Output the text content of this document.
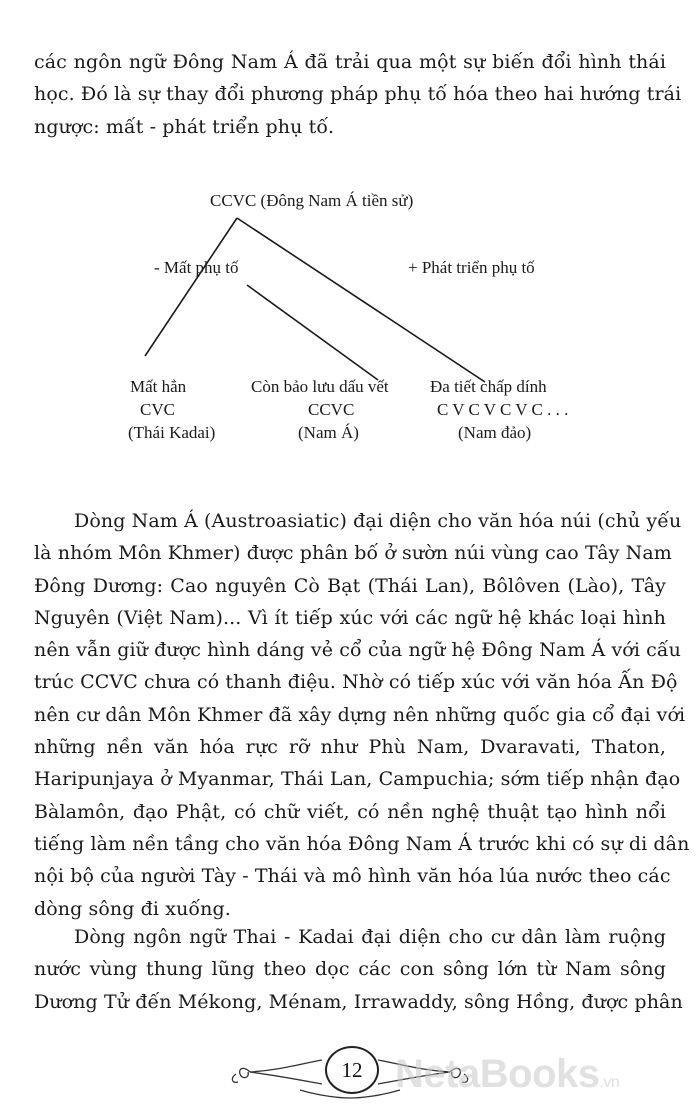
các ngôn ngữ Đông Nam Á đã trải qua một sự biến đổi hình thái
học. Đó là sự thay đổi phương pháp phụ tố hóa theo hai hướng trái
ngược: mất - phát triển phụ tố.

CCVC (Đông Nam Á tiền sử)
- Mất phụ tố	+ Phát triển phụ tố
Mất hẳn
CVC
(Thái Kadai)
Còn bảo lưu dấu vết
CCVC
(Nam Á)
Đa tiết chấp dính
C V C V C V C . . .
(Nam đảo)

Dòng Nam Á (Austroasiatic) đại diện cho văn hóa núi (chủ yếu
là nhóm Môn Khmer) được phân bố ở sườn núi vùng cao Tây Nam
Đông Dương: Cao nguyên Cò Bạt (Thái Lan), Bôlôven (Lào), Tây
Nguyên (Việt Nam)... Vì ít tiếp xúc với các ngữ hệ khác loại hình
nên vẫn giữ được hình dáng vẻ cổ của ngữ hệ Đông Nam Á với cấu
trúc CCVC chưa có thanh điệu. Nhờ có tiếp xúc với văn hóa Ấn Độ
nên cư dân Môn Khmer đã xây dựng nên những quốc gia cổ đại với
những nền văn hóa rực rỡ như Phù Nam, Dvaravati, Thaton,
Haripunjaya ở Myanmar, Thái Lan, Campuchia; sớm tiếp nhận đạo
Bàlamôn, đạo Phật, có chữ viết, có nền nghệ thuật tạo hình nổi
tiếng làm nền tầng cho văn hóa Đông Nam Á trước khi có sự di dân
nội bộ của người Tày - Thái và mô hình văn hóa lúa nước theo các
dòng sông đi xuống.

Dòng ngôn ngữ Thai - Kadai đại diện cho cư dân làm ruộng
nước vùng thung lũng theo dọc các con sông lớn từ Nam sông
Dương Tử đến Mékong, Ménam, Irrawaddy, sông Hồng, được phân

12 NetaBooks.vn
